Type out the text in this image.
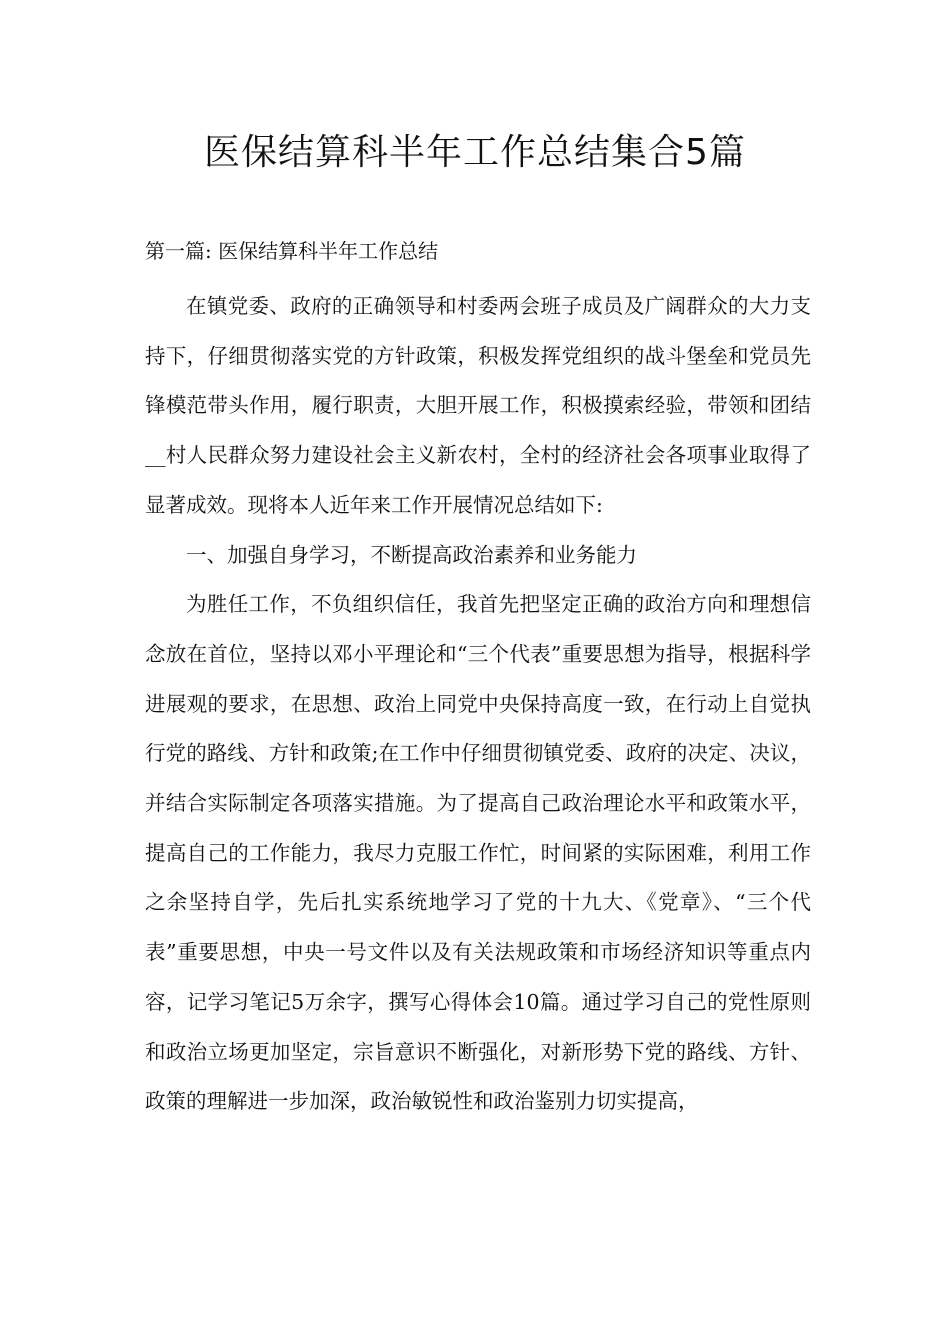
医保结算科半年工作总结集合5篇
第一篇: 医保结算科半年工作总结

在镇党委、政府的正确领导和村委两会班子成员及广阔群众的大力支持下，仔细贯彻落实党的方针政策，积极发挥党组织的战斗堡垒和党员先锋模范带头作用，履行职责，大胆开展工作，积极摸索经验，带领和团结__村人民群众努力建设社会主义新农村，全村的经济社会各项事业取得了显著成效。现将本人近年来工作开展情况总结如下:

一、加强自身学习，不断提高政治素养和业务能力

为胜任工作，不负组织信任，我首先把坚定正确的政治方向和理想信念放在首位，坚持以邓小平理论和“三个代表”重要思想为指导，根据科学进展观的要求，在思想、政治上同党中央保持高度一致，在行动上自觉执行党的路线、方针和政策;在工作中仔细贯彻镇党委、政府的决定、决议，并结合实际制定各项落实措施。为了提高自己政治理论水平和政策水平，提高自己的工作能力，我尽力克服工作忙，时间紧的实际困难，利用工作之余坚持自学，先后扎实系统地学习了党的十九大、《党章》、“三个代表”重要思想，中央一号文件以及有关法规政策和市场经济知识等重点内容，记学习笔记5万余字，撰写心得体会10篇。通过学习自己的党性原则和政治立场更加坚定，宗旨意识不断强化，对新形势下党的路线、方针、政策的理解进一步加深，政治敏锐性和政治鉴别力切实提高，
